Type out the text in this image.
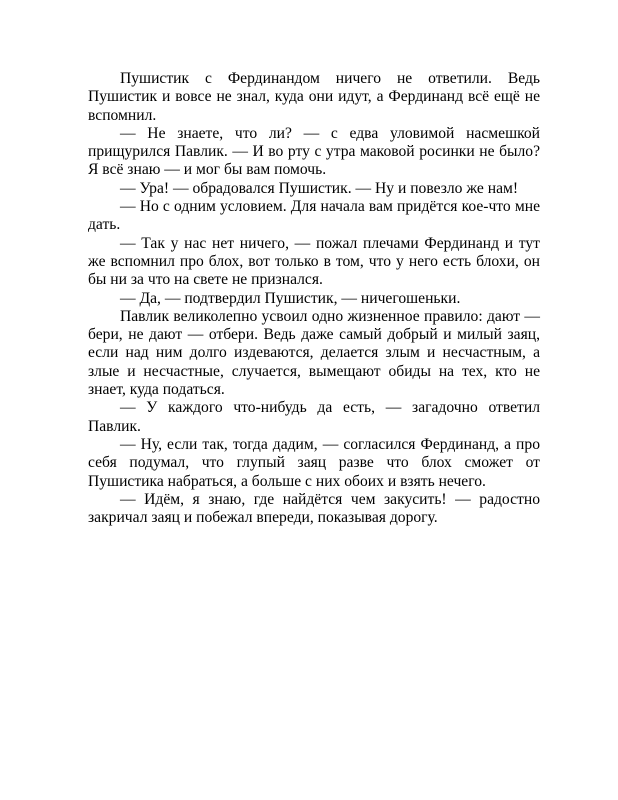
Пушистик с Фердинандом ничего не ответили. Ведь Пушистик и вовсе не знал, куда они идут, а Фердинанд всё ещё не вспомнил.

— Не знаете, что ли? — с едва уловимой насмешкой прищурился Павлик. — И во рту с утра маковой росинки не было? Я всё знаю — и мог бы вам помочь.

— Ура! — обрадовался Пушистик. — Ну и повезло же нам!

— Но с одним условием. Для начала вам придётся кое-что мне дать.

— Так у нас нет ничего, — пожал плечами Фердинанд и тут же вспомнил про блох, вот только в том, что у него есть блохи, он бы ни за что на свете не признался.

— Да, — подтвердил Пушистик, — ничегошеньки.

Павлик великолепно усвоил одно жизненное правило: дают — бери, не дают — отбери. Ведь даже самый добрый и милый заяц, если над ним долго издеваются, делается злым и несчастным, а злые и несчастные, случается, вымещают обиды на тех, кто не знает, куда податься.

— У каждого что-нибудь да есть, — загадочно ответил Павлик.

— Ну, если так, тогда дадим, — согласился Фердинанд, а про себя подумал, что глупый заяц разве что блох сможет от Пушистика набраться, а больше с них обоих и взять нечего.

— Идём, я знаю, где найдётся чем закусить! — радостно закричал заяц и побежал впереди, показывая дорогу.
